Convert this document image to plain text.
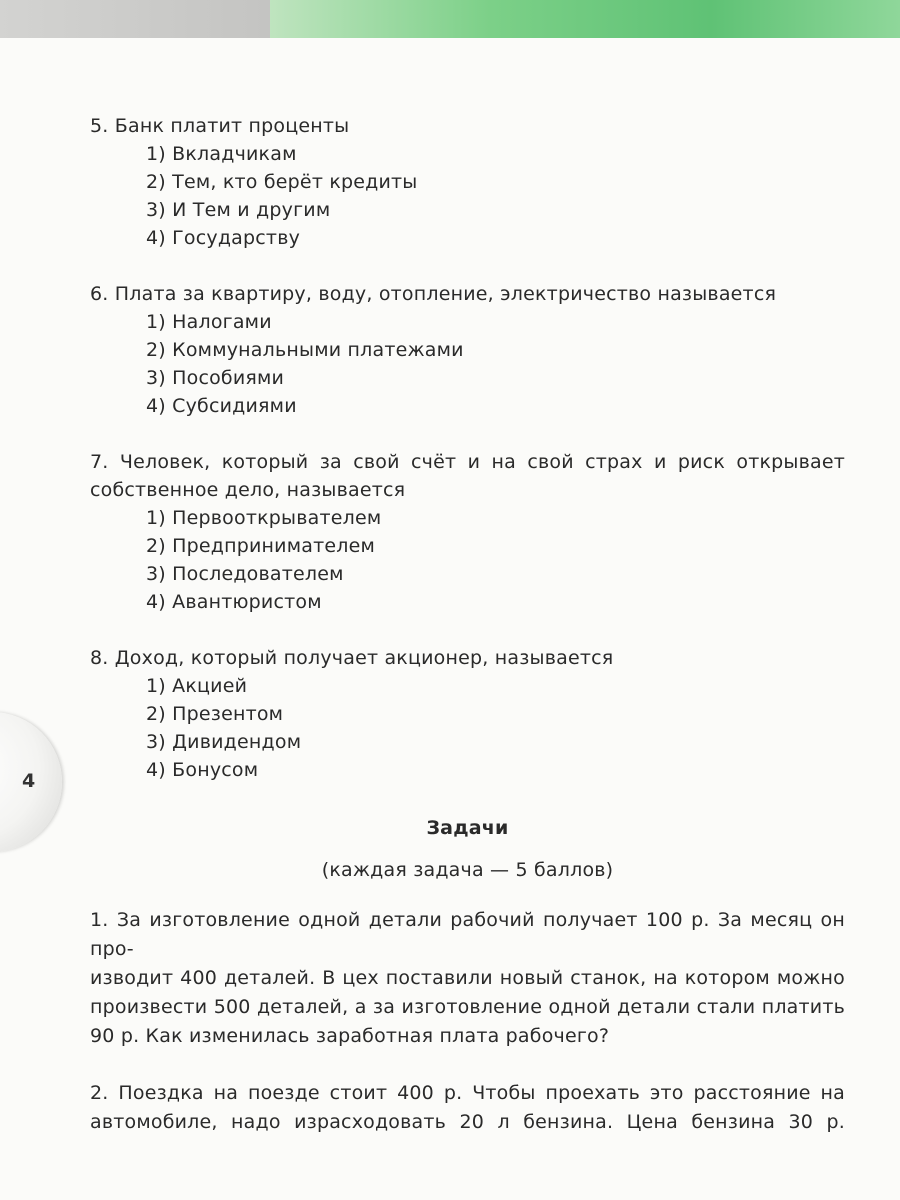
4
5. Банк платит проценты
1) Вкладчикам
2) Тем, кто берёт кредиты
3) И Тем и другим
4) Государству
6. Плата за квартиру, воду, отопление, электричество называется
1) Налогами
2) Коммунальными платежами
3) Пособиями
4) Субсидиями
7. Человек, который за свой счёт и на свой страх и риск открывает
собственное дело, называется
1) Первооткрывателем
2) Предпринимателем
3) Последователем
4) Авантюристом
8. Доход, который получает акционер, называется
1) Акцией
2) Презентом
3) Дивидендом
4) Бонусом
Задачи
(каждая задача — 5 баллов)
1. За изготовление одной детали рабочий получает 100 р. За месяц он про-
изводит 400 деталей. В цех поставили новый станок, на котором можно
произвести 500 деталей, а за изготовление одной детали стали платить
90 р. Как изменилась заработная плата рабочего?
2. Поездка на поезде стоит 400 р. Чтобы проехать это расстояние на
автомобиле, надо израсходовать 20 л бензина. Цена бензина 30 р.
